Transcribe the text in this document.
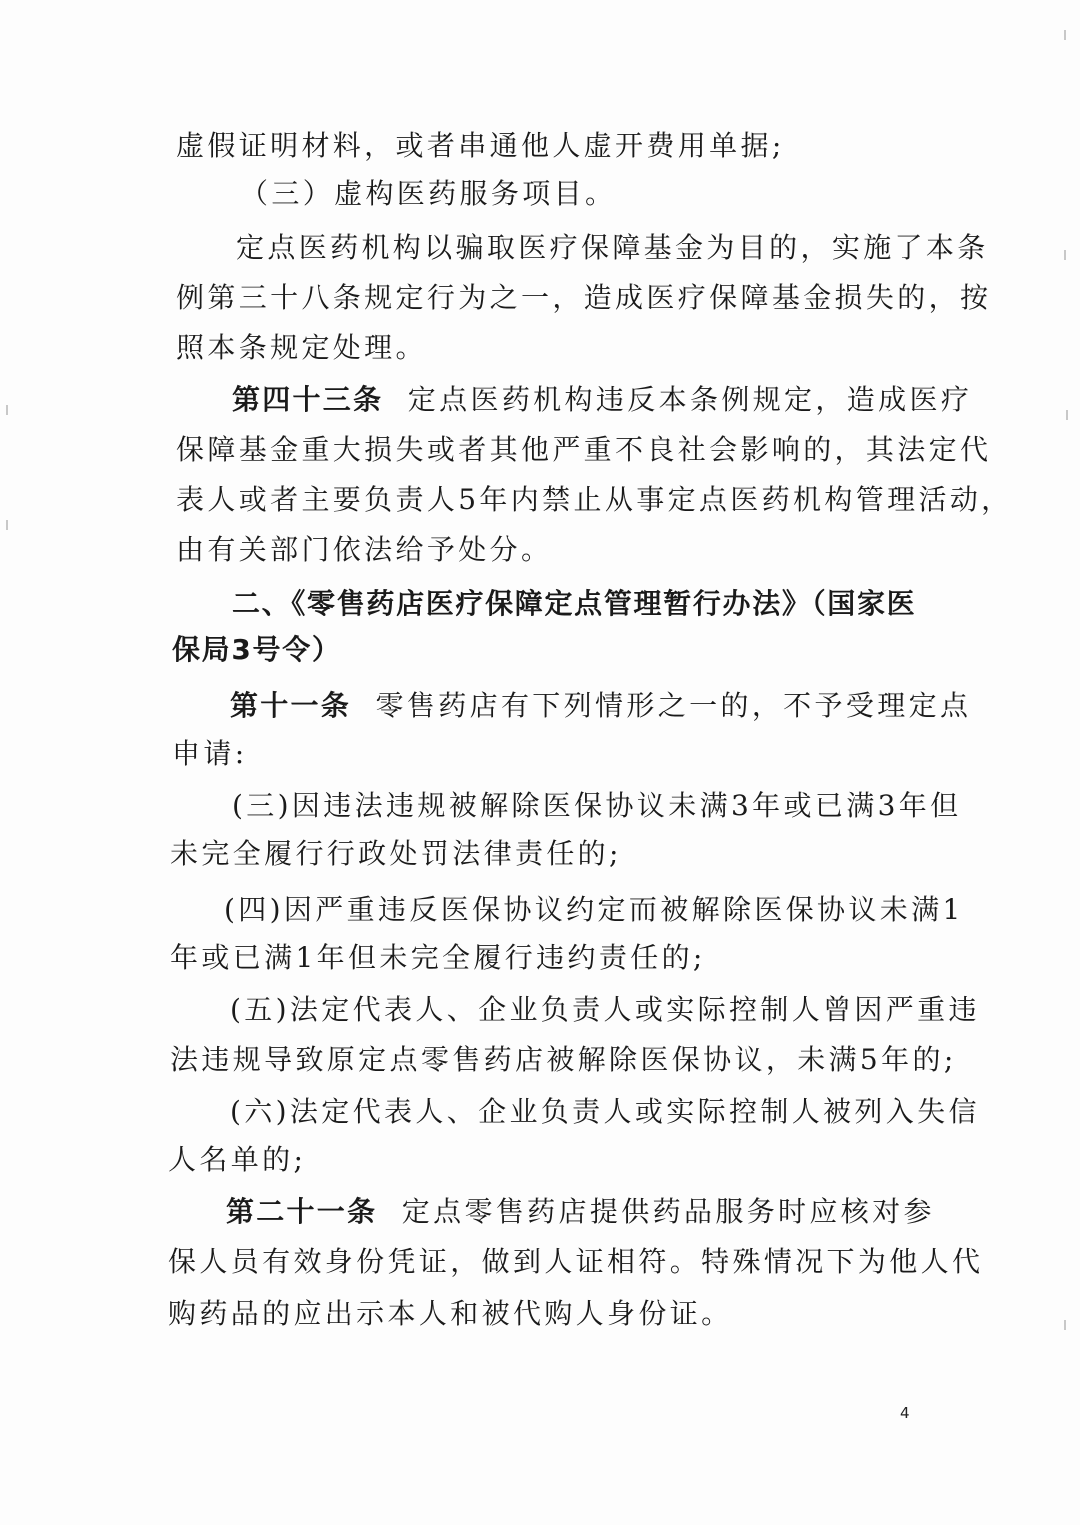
虚假证明材料，或者串通他人虚开费用单据;
（三）虚构医药服务项目。
定点医药机构以骗取医疗保障基金为目的，实施了本条
例第三十八条规定行为之一，造成医疗保障基金损失的，按
照本条规定处理。
第四十三条 定点医药机构违反本条例规定，造成医疗
保障基金重大损失或者其他严重不良社会影响的，其法定代
表人或者主要负责人5年内禁止从事定点医药机构管理活动，
由有关部门依法给予处分。
二、《零售药店医疗保障定点管理暂行办法》（国家医
保局3号令）
第十一条 零售药店有下列情形之一的，不予受理定点
申请:
(三)因违法违规被解除医保协议未满3年或已满3年但
未完全履行行政处罚法律责任的;
(四)因严重违反医保协议约定而被解除医保协议未满1
年或已满1年但未完全履行违约责任的;
(五)法定代表人、企业负责人或实际控制人曾因严重违
法违规导致原定点零售药店被解除医保协议，未满5年的;
(六)法定代表人、企业负责人或实际控制人被列入失信
人名单的;
第二十一条 定点零售药店提供药品服务时应核对参
保人员有效身份凭证，做到人证相符。特殊情况下为他人代
购药品的应出示本人和被代购人身份证。
4
